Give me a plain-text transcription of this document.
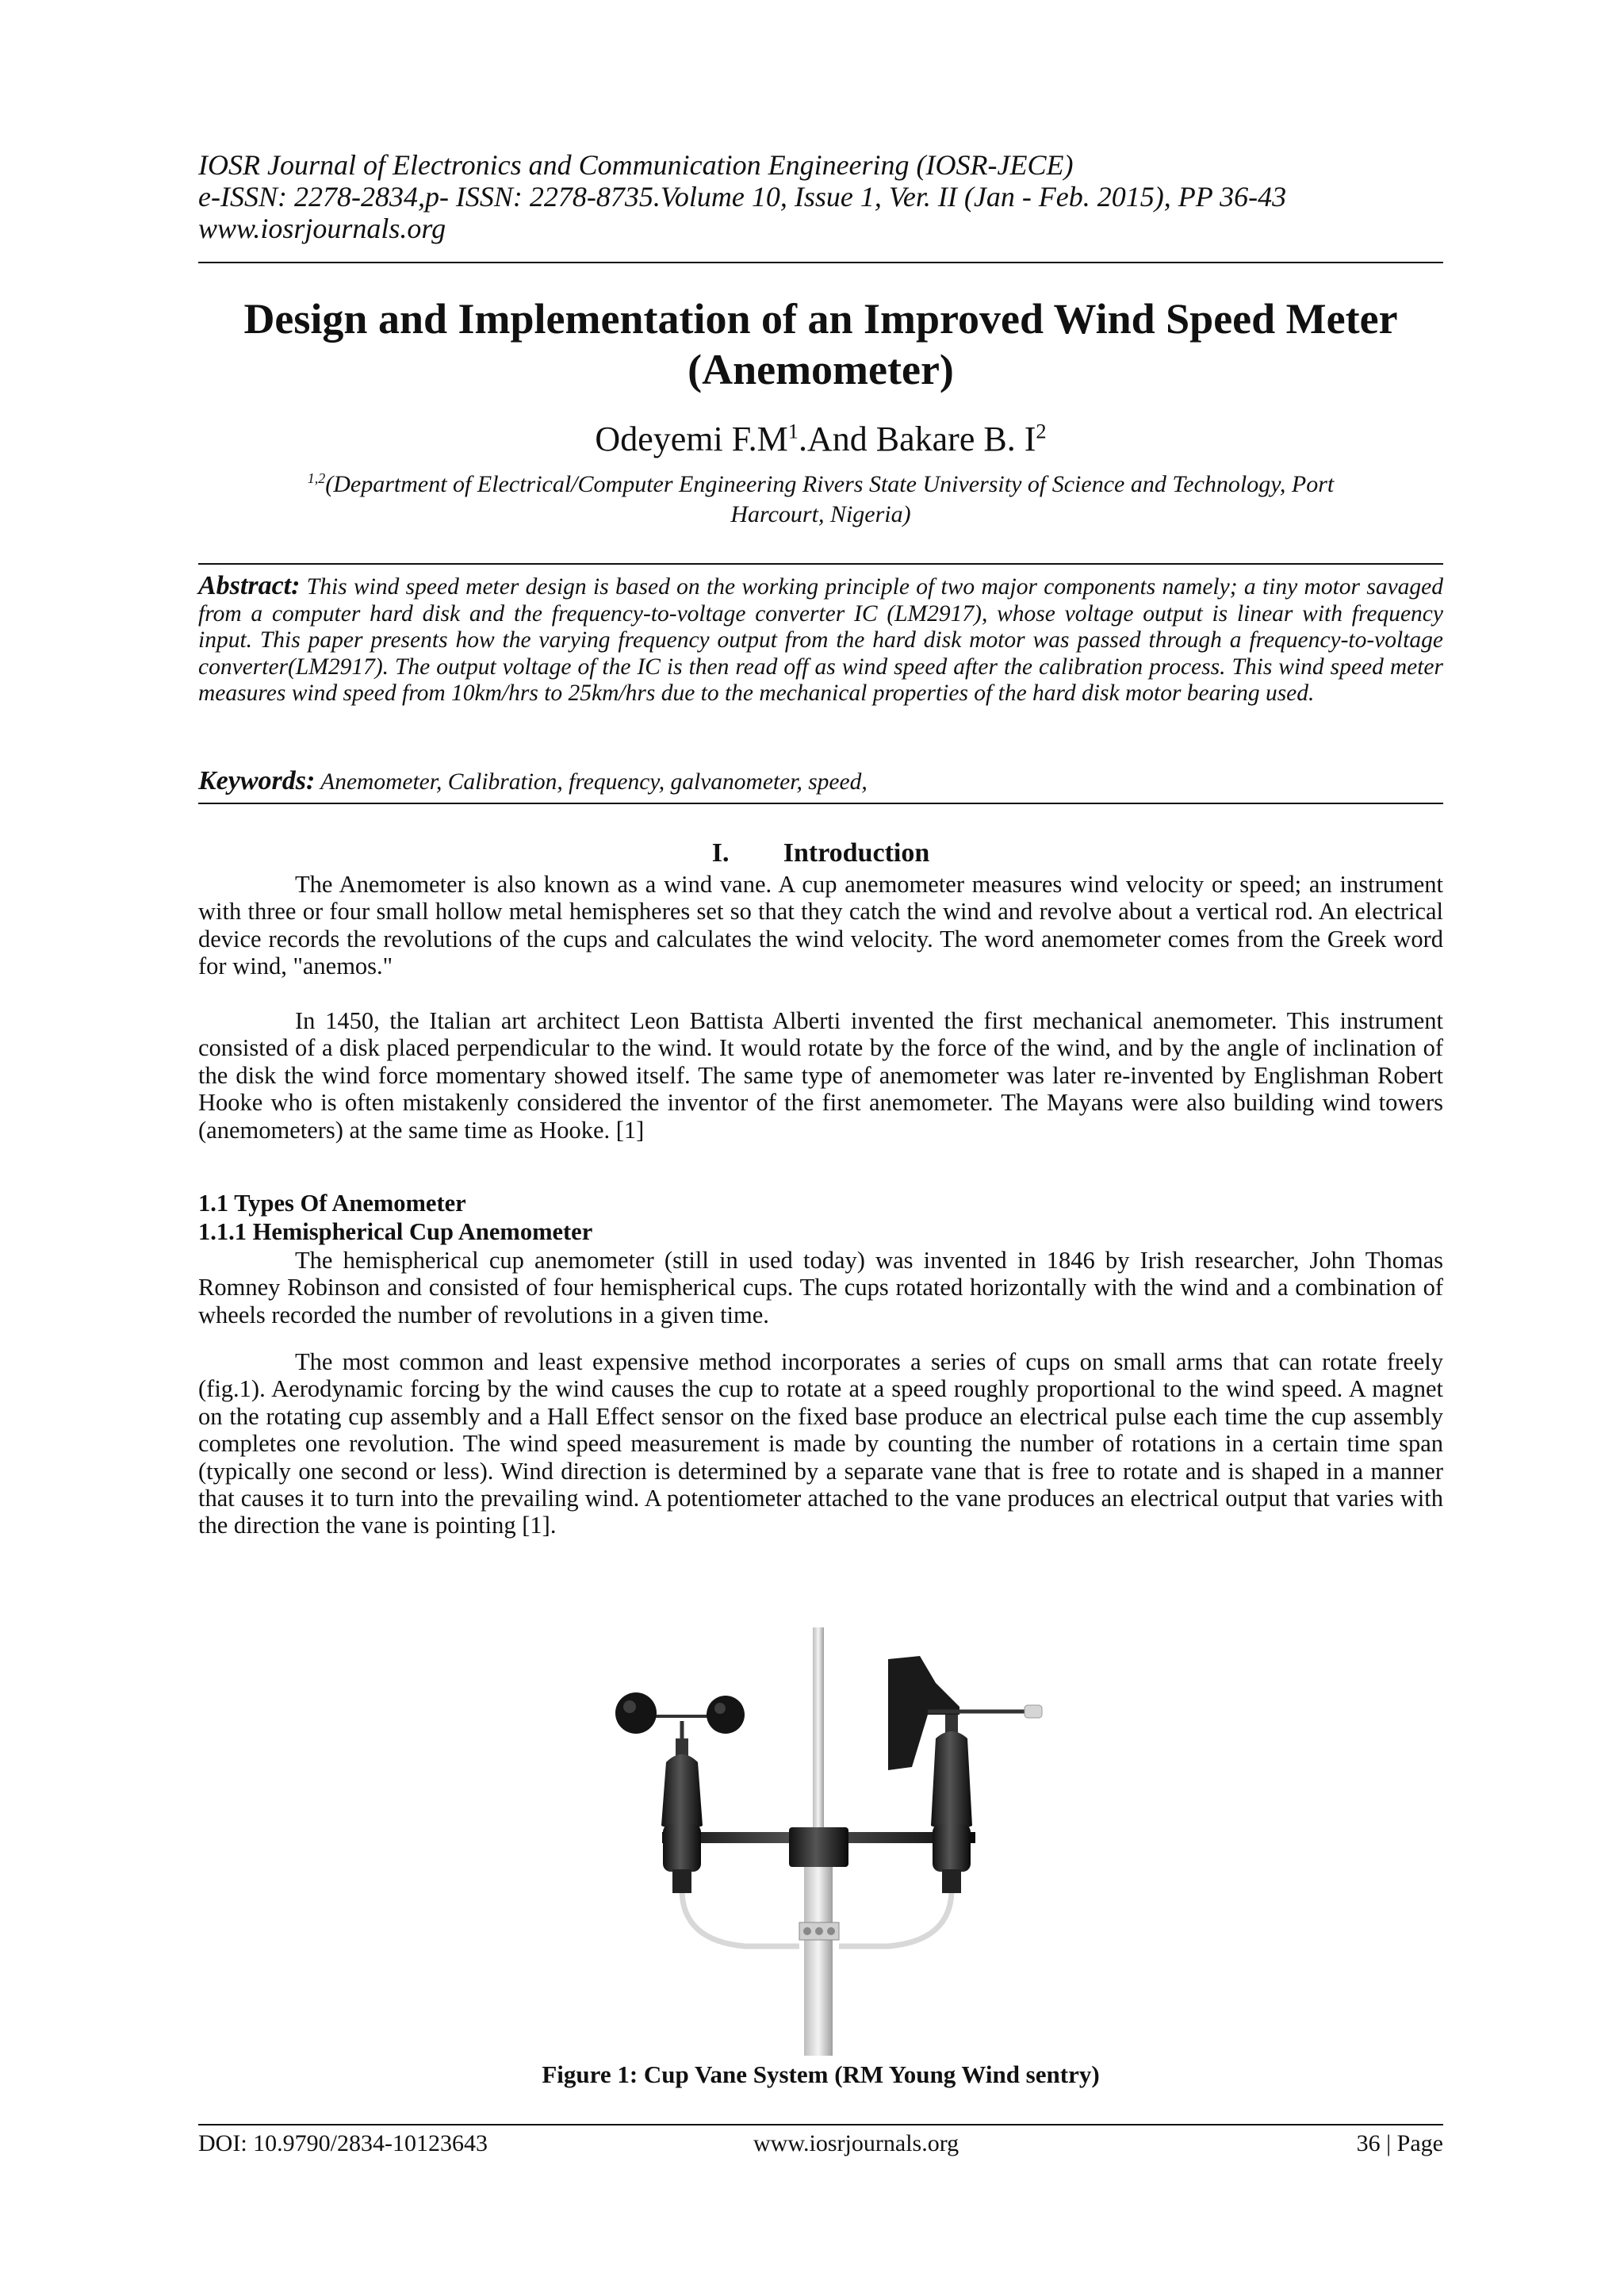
IOSR Journal of Electronics and Communication Engineering (IOSR-JECE)
e-ISSN: 2278-2834,p- ISSN: 2278-8735.Volume 10, Issue 1, Ver. II (Jan - Feb. 2015), PP 36-43
www.iosrjournals.org
Design and Implementation of an Improved Wind Speed Meter
(Anemometer)
Odeyemi $F.M^1.And$ Bakare B. $I^2$
$^{1,2}$(Department of Electrical/Computer Engineering Rivers State University of Science and Technology, Port
Harcourt, Nigeria)
Abstract: This wind speed meter design is based on the working principle of two major components namely; a tiny motor savaged from a computer hard disk and the frequency-to-voltage converter IC (LM2917), whose voltage output is linear with frequency input. This paper presents how the varying frequency output from the hard disk motor was passed through a frequency-to-voltage converter(LM2917). The output voltage of the IC is then read off as wind speed after the calibration process. This wind speed meter measures wind speed from 10km/hrs to 25km/hrs due to the mechanical properties of the hard disk motor bearing used.
Keywords: Anemometer, Calibration, frequency, galvanometer, speed,
I. Introduction
The Anemometer is also known as a wind vane. A cup anemometer measures wind velocity or speed; an instrument with three or four small hollow metal hemispheres set so that they catch the wind and revolve about a vertical rod. An electrical device records the revolutions of the cups and calculates the wind velocity. The word anemometer comes from the Greek word for wind, "anemos."
In 1450, the Italian art architect Leon Battista Alberti invented the first mechanical anemometer. This instrument consisted of a disk placed perpendicular to the wind. It would rotate by the force of the wind, and by the angle of inclination of the disk the wind force momentary showed itself. The same type of anemometer was later re-invented by Englishman Robert Hooke who is often mistakenly considered the inventor of the first anemometer. The Mayans were also building wind towers (anemometers) at the same time as Hooke. [1]
1.1 Types Of Anemometer
1.1.1 Hemispherical Cup Anemometer
The hemispherical cup anemometer (still in used today) was invented in 1846 by Irish researcher, John Thomas Romney Robinson and consisted of four hemispherical cups. The cups rotated horizontally with the wind and a combination of wheels recorded the number of revolutions in a given time.
The most common and least expensive method incorporates a series of cups on small arms that can rotate freely (fig.1). Aerodynamic forcing by the wind causes the cup to rotate at a speed roughly proportional to the wind speed. A magnet on the rotating cup assembly and a Hall Effect sensor on the fixed base produce an electrical pulse each time the cup assembly completes one revolution. The wind speed measurement is made by counting the number of rotations in a certain time span (typically one second or less). Wind direction is determined by a separate vane that is free to rotate and is shaped in a manner that causes it to turn into the prevailing wind. A potentiometer attached to the vane produces an electrical output that varies with the direction the vane is pointing [1].
Figure 1: Cup Vane System (RM Young Wind sentry)
DOI: 10.9790/2834-10123643	www.iosrjournals.org	36 | Page
